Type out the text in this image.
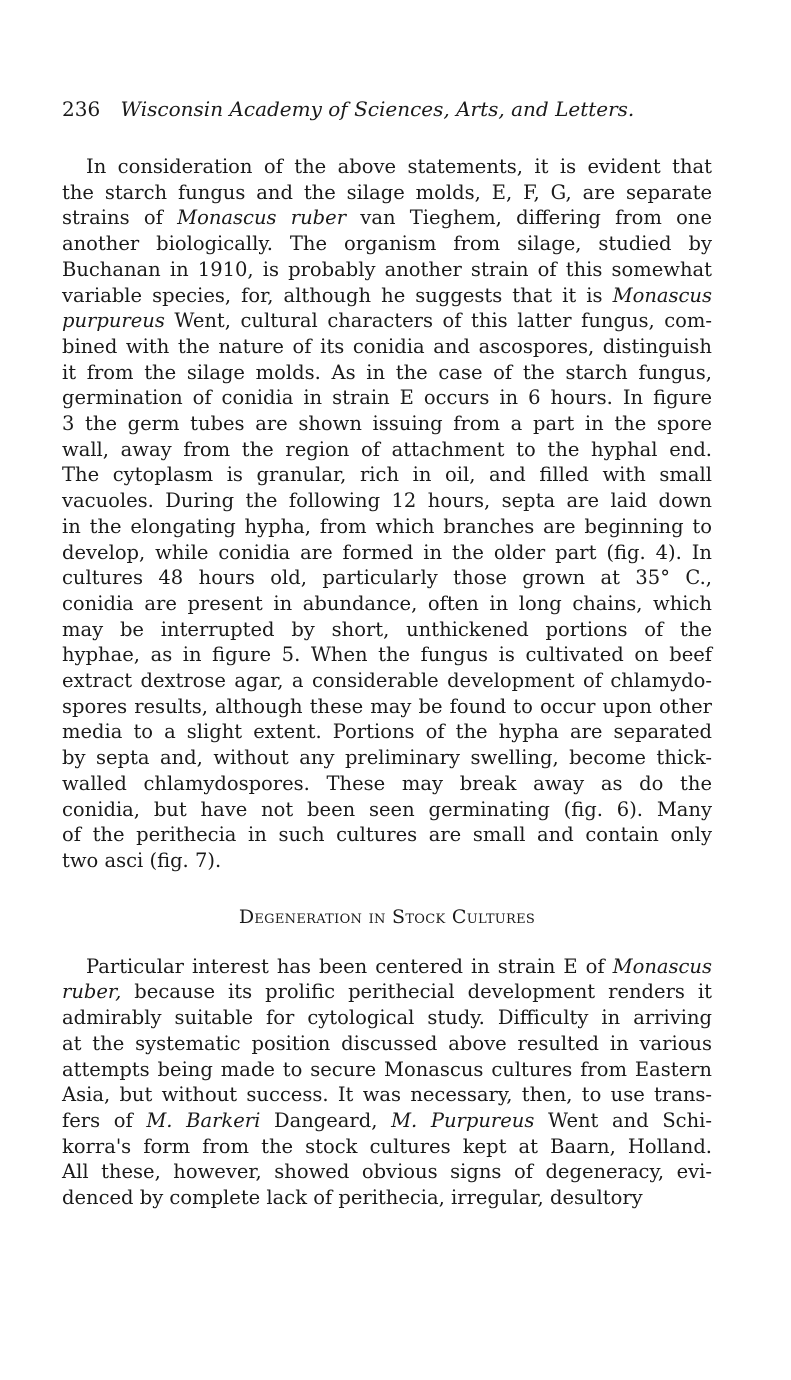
236 Wisconsin Academy of Sciences, Arts, and Letters.
In consideration of the above statements, it is evident that
the starch fungus and the silage molds, E, F, G, are separate
strains of Monascus ruber van Tieghem, differing from one
another biologically. The organism from silage, studied by
Buchanan in 1910, is probably another strain of this somewhat
variable species, for, although he suggests that it is Monascus
purpureus Went, cultural characters of this latter fungus, com-
bined with the nature of its conidia and ascospores, distinguish
it from the silage molds. As in the case of the starch fungus,
germination of conidia in strain E occurs in 6 hours. In figure
3 the germ tubes are shown issuing from a part in the spore
wall, away from the region of attachment to the hyphal end.
The cytoplasm is granular, rich in oil, and filled with small
vacuoles. During the following 12 hours, septa are laid down
in the elongating hypha, from which branches are beginning to
develop, while conidia are formed in the older part (fig. 4). In
cultures 48 hours old, particularly those grown at 35° C.,
conidia are present in abundance, often in long chains, which
may be interrupted by short, unthickened portions of the
hyphae, as in figure 5. When the fungus is cultivated on beef
extract dextrose agar, a considerable development of chlamydo-
spores results, although these may be found to occur upon other
media to a slight extent. Portions of the hypha are separated
by septa and, without any preliminary swelling, become thick-
walled chlamydospores. These may break away as do the
conidia, but have not been seen germinating (fig. 6). Many
of the perithecia in such cultures are small and contain only
two asci (fig. 7).
Degeneration in Stock Cultures
Particular interest has been centered in strain E of Monascus
ruber, because its prolific perithecial development renders it
admirably suitable for cytological study. Difficulty in arriving
at the systematic position discussed above resulted in various
attempts being made to secure Monascus cultures from Eastern
Asia, but without success. It was necessary, then, to use trans-
fers of M. Barkeri Dangeard, M. Purpureus Went and Schi-
korra's form from the stock cultures kept at Baarn, Holland.
All these, however, showed obvious signs of degeneracy, evi-
denced by complete lack of perithecia, irregular, desultory
